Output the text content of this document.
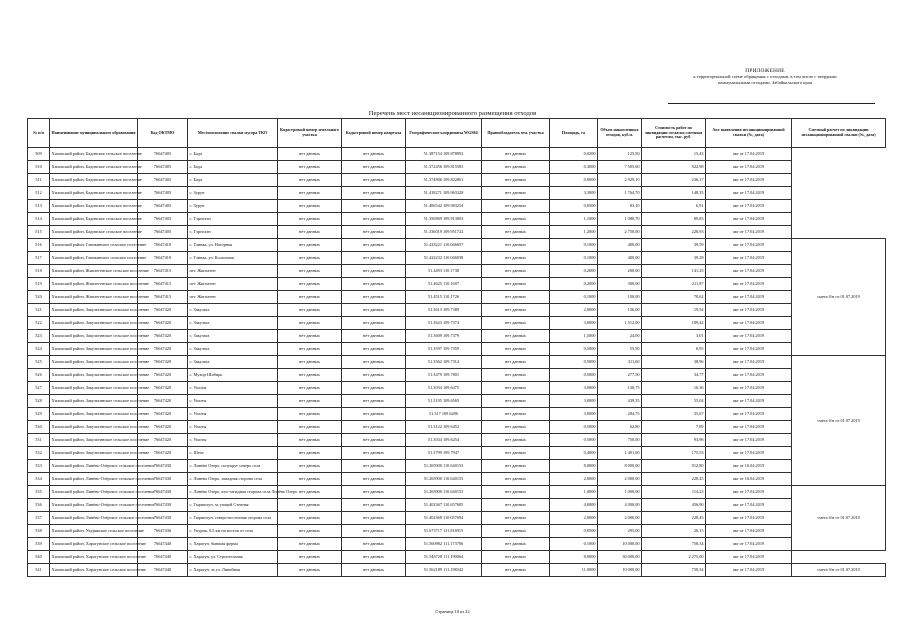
ПРИЛОЖЕНИЕ
к территориальной схеме обращения с отходами, в том числе с твердыми
коммунальными отходами, Забайкальского края
Перечень мест несанкционированного размещения отходов
№ п/п	Наименование муниципального образования	Код ОКТМО	Местоположение свалки мусора ТКО	Кадастровый номер земельного участка	Кадастровый номер квартала	Географические координаты WGS84	Правообладатель зем. участка	Площадь, га	Объем накопленных отходов, куб.м.	Стоимость работ по ликвидации согласно сметным расчетам, тыс. руб.	Акт выявления несанкционированной свалки (№, дата)	Сметный расчет по ликвидации несанкционированной свалки (№, дата)	
509	Хилокский район, Бадинское сельское поселение	76647405	с. Бада	нет данных	нет данных	51.387154 109.878892	нет данных	0,0200	125,50	15,43	акт от 17.04.2019		
510	Хилокский район, Бадинское сельское поселение	76647405	с. Бада	нет данных	нет данных	51.372456 109.815585	нет данных	0,3000	7 505,60	922,98	акт от 17.04.2019		
511	Хилокский район, Бадинское сельское поселение	76647405	с. Бада	нет данных	нет данных	51.374806 109.822861	нет данных	0,9000	2 929,10	236,17	акт от 17.04.2019		
512	Хилокский район, Бадинское сельское поселение	76647405	с. Зурун	нет данных	нет данных	51.418271 109.963328	нет данных	3,3000	1 764,70	148,35	акт от 17.04.2019		
513	Хилокский район, Бадинское сельское поселение	76647405	с. Зурун	нет данных	нет данных	51.406542 109.983254	нет данных	0,0500	83,10	6,91	акт от 17.04.2019		
514	Хилокский район, Бадинское сельское поселение	76647405	с. Тэрепхэн	нет данных	нет данных	51.350869 109.913003	нет данных	1,1000	1 080,70	89,83	акт от 17.04.2019		
515	Хилокский район, Бадинское сельское поселение	76647405	с. Тэрепхэн	нет данных	нет данных	51.336019 109.951722	нет данных	1,2000	2 750,00	226,93	акт от 17.04.2019		
516	Хилокский район, Глинкинское сельское поселение	76647410	с. Глинка, ул. Нагорная	нет данных	нет данных	51.423221 110.046657	нет данных	0,1000	400,00	39,59	акт от 17.04.2019	смета б/н от 01.07.2019	
517	Хилокский район, Глинкинское сельское поселение	76647410	с. Глинка, ул. Колхозная	нет данных	нет данных	51.422232 110.046038	нет данных	0,1000	400,00	39,28	акт от 17.04.2019		
518	Хилокский район, Жипхегенское сельское поселение	76647415	пгт. Жипхеген	нет данных	нет данных	51.4493 110.1738	нет данных	0,2000	200,00	141,25	акт от 17.04.2019	
519	Хилокский район, Жипхегенское сельское поселение	76647415	пгт. Жипхеген	нет данных	нет данных	51.4625 110.1607	нет данных	0,2000	300,00	211,87	акт от 17.04.2019		
520	Хилокский район, Жипхегенское сельское поселение	76647415	пгт. Жипхеген	нет данных	нет данных	51.4515 110.1726	нет данных	0,1000	100,00	70,62	акт от 17.04.2019		
521	Хилокский район, Закультинское сельское поселение	76647420	с. Закульта	нет данных	нет данных	51.3613 109.7389	нет данных	2,0000	156,00	19,54	акт от 17.04.2019		
522	Хилокский район, Закультинское сельское поселение	76647420	с. Закульта	нет данных	нет данных	51.3623 109.7374	нет данных	3,0000	1 512,00	189,42	акт от 17.04.2019		
523	Хилокский район, Закультинское сельское поселение	76647420	с. Закульта	нет данных	нет данных	51.3609 109.7379	нет данных	1,5000	24,00	3,01	акт от 17.04.2019		
524	Хилокский район, Закультинское сельское поселение	76647420	с. Закульта	нет данных	нет данных	51.3597 109.7359	нет данных	0,5000	55,50	6,95	акт от 17.04.2019		
525	Хилокский район, Закультинское сельское поселение	76647420	с. Закульта	нет данных	нет данных	51.3562 109.7314	нет данных	0,5000	311,60	38,96	акт от 17.04.2019	смета б/н от 01.07.2019	
526	Хилокский район, Закультинское сельское поселение	76647420	с. Мухор-Шибирь	нет данных	нет данных	51.3479 109.7801	нет данных	0,5000	277,50	34,77	акт от 17.04.2019		
527	Хилокский район, Закультинское сельское поселение	76647420	с. Ушоты	нет данных	нет данных	51.3034 109.6475	нет данных	3,0000	130,75	16,36	акт от 17.04.2019		
528	Хилокский район, Закультинское сельское поселение	76647420	с. Ушоты	нет данных	нет данных	51.3195 109.6565	нет данных	3,0000	439,35	55,04	акт от 17.04.2019		
529	Хилокский район, Закультинское сельское поселение	76647420	с. Ушоты	нет данных	нет данных	51.317 109.6496	нет данных	3,0000	284,75	35,67	акт от 17.04.2019		
530	Хилокский район, Закультинское сельское поселение	76647420	с. Ушоты	нет данных	нет данных	51.3122 109.6452	нет данных	0,5000	62,80	7,89	акт от 17.04.2019		
531	Хилокский район, Закультинское сельское поселение	76647420	с. Ушоты	нет данных	нет данных	51.3034 109.6254	нет данных	0,5000	750,00	93,96	акт от 17.04.2019		
532	Хилокский район, Закультинское сельское поселение	76647420	с. Шехе	нет данных	нет данных	51.3799 109.7947	нет данных	0,4000	1 401,60	175,53	акт от 17.04.2019		
533	Хилокский район, Линёво-Озёрское сельское поселение	76647430	с. Линёво Озеро, полукруг северо села	нет данных	нет данных	51.265900 110.640153	нет данных	8,0000	8 000,00	912,80	акт от 16.04.2019		
534	Хилокский район, Линёво-Озёрское сельское поселение	76647430	с. Линёво Озеро, западная сторона села	нет данных	нет данных	51.265900 110.640153	нет данных	2,0000	2 000,00	228,45	акт от 16.04.2019		
535	Хилокский район, Линёво-Озёрское сельское поселение	76647430	с. Линёво Озеро, юго-западная сторона села Линёво Озеро	нет данных	нет данных	51.265900 110.640153	нет данных	1,0000	1 000,00	114,23	акт от 17.04.2019	смета б/н от 01.07.2019	
536	Хилокский район, Линёво-Озёрское сельское поселение	76647430	с. Гыршелун, за улицей Степная	нет данных	нет данных	51.402367 110.657605	нет данных	4,0000	4 000,00	456,90	акт от 17.04.2019		
537	Хилокский район, Линёво-Озёрское сельское поселение	76647430	с. Гыршелун, северо-восточная сторона села	нет данных	нет данных	51.402368 110.657694	нет данных	2,0000	2 000,00	228,45	акт от 17.04.2019		
538	Хилокский район, Укурикское сельское поселение	76647436	с. Укурик, 0,5 км на восток от села	нет данных	нет данных	51.675717 111.816915	нет данных	0,0500	295,00	26,15	акт от 17.04.2019		
539	Хилокский район, Харагунское сельское поселение	76647440	с. Харагун, бывшая ферма	нет данных	нет данных	51.560982 111.173786	нет данных	0,1000	10 000,00	758,34	акт от 17.04.2019		
540	Хилокский район, Харагунское сельское поселение	76647440	с. Харагун, ул. Строительная	нет данных	нет данных	51.546728 111.190064	нет данных	8,0000	30 000,00	2 275,00	акт от 17.04.2019		
541	Хилокский район, Харагунское сельское поселение	76647440	с. Харагун, за ул. Линейная	нет данных	нет данных	51.562189 111.198342	нет данных	11,0000	10 000,00	758,34	акт от 17.04.2019	смета б/н от 01.07.2019	
Страница 18 из 22
